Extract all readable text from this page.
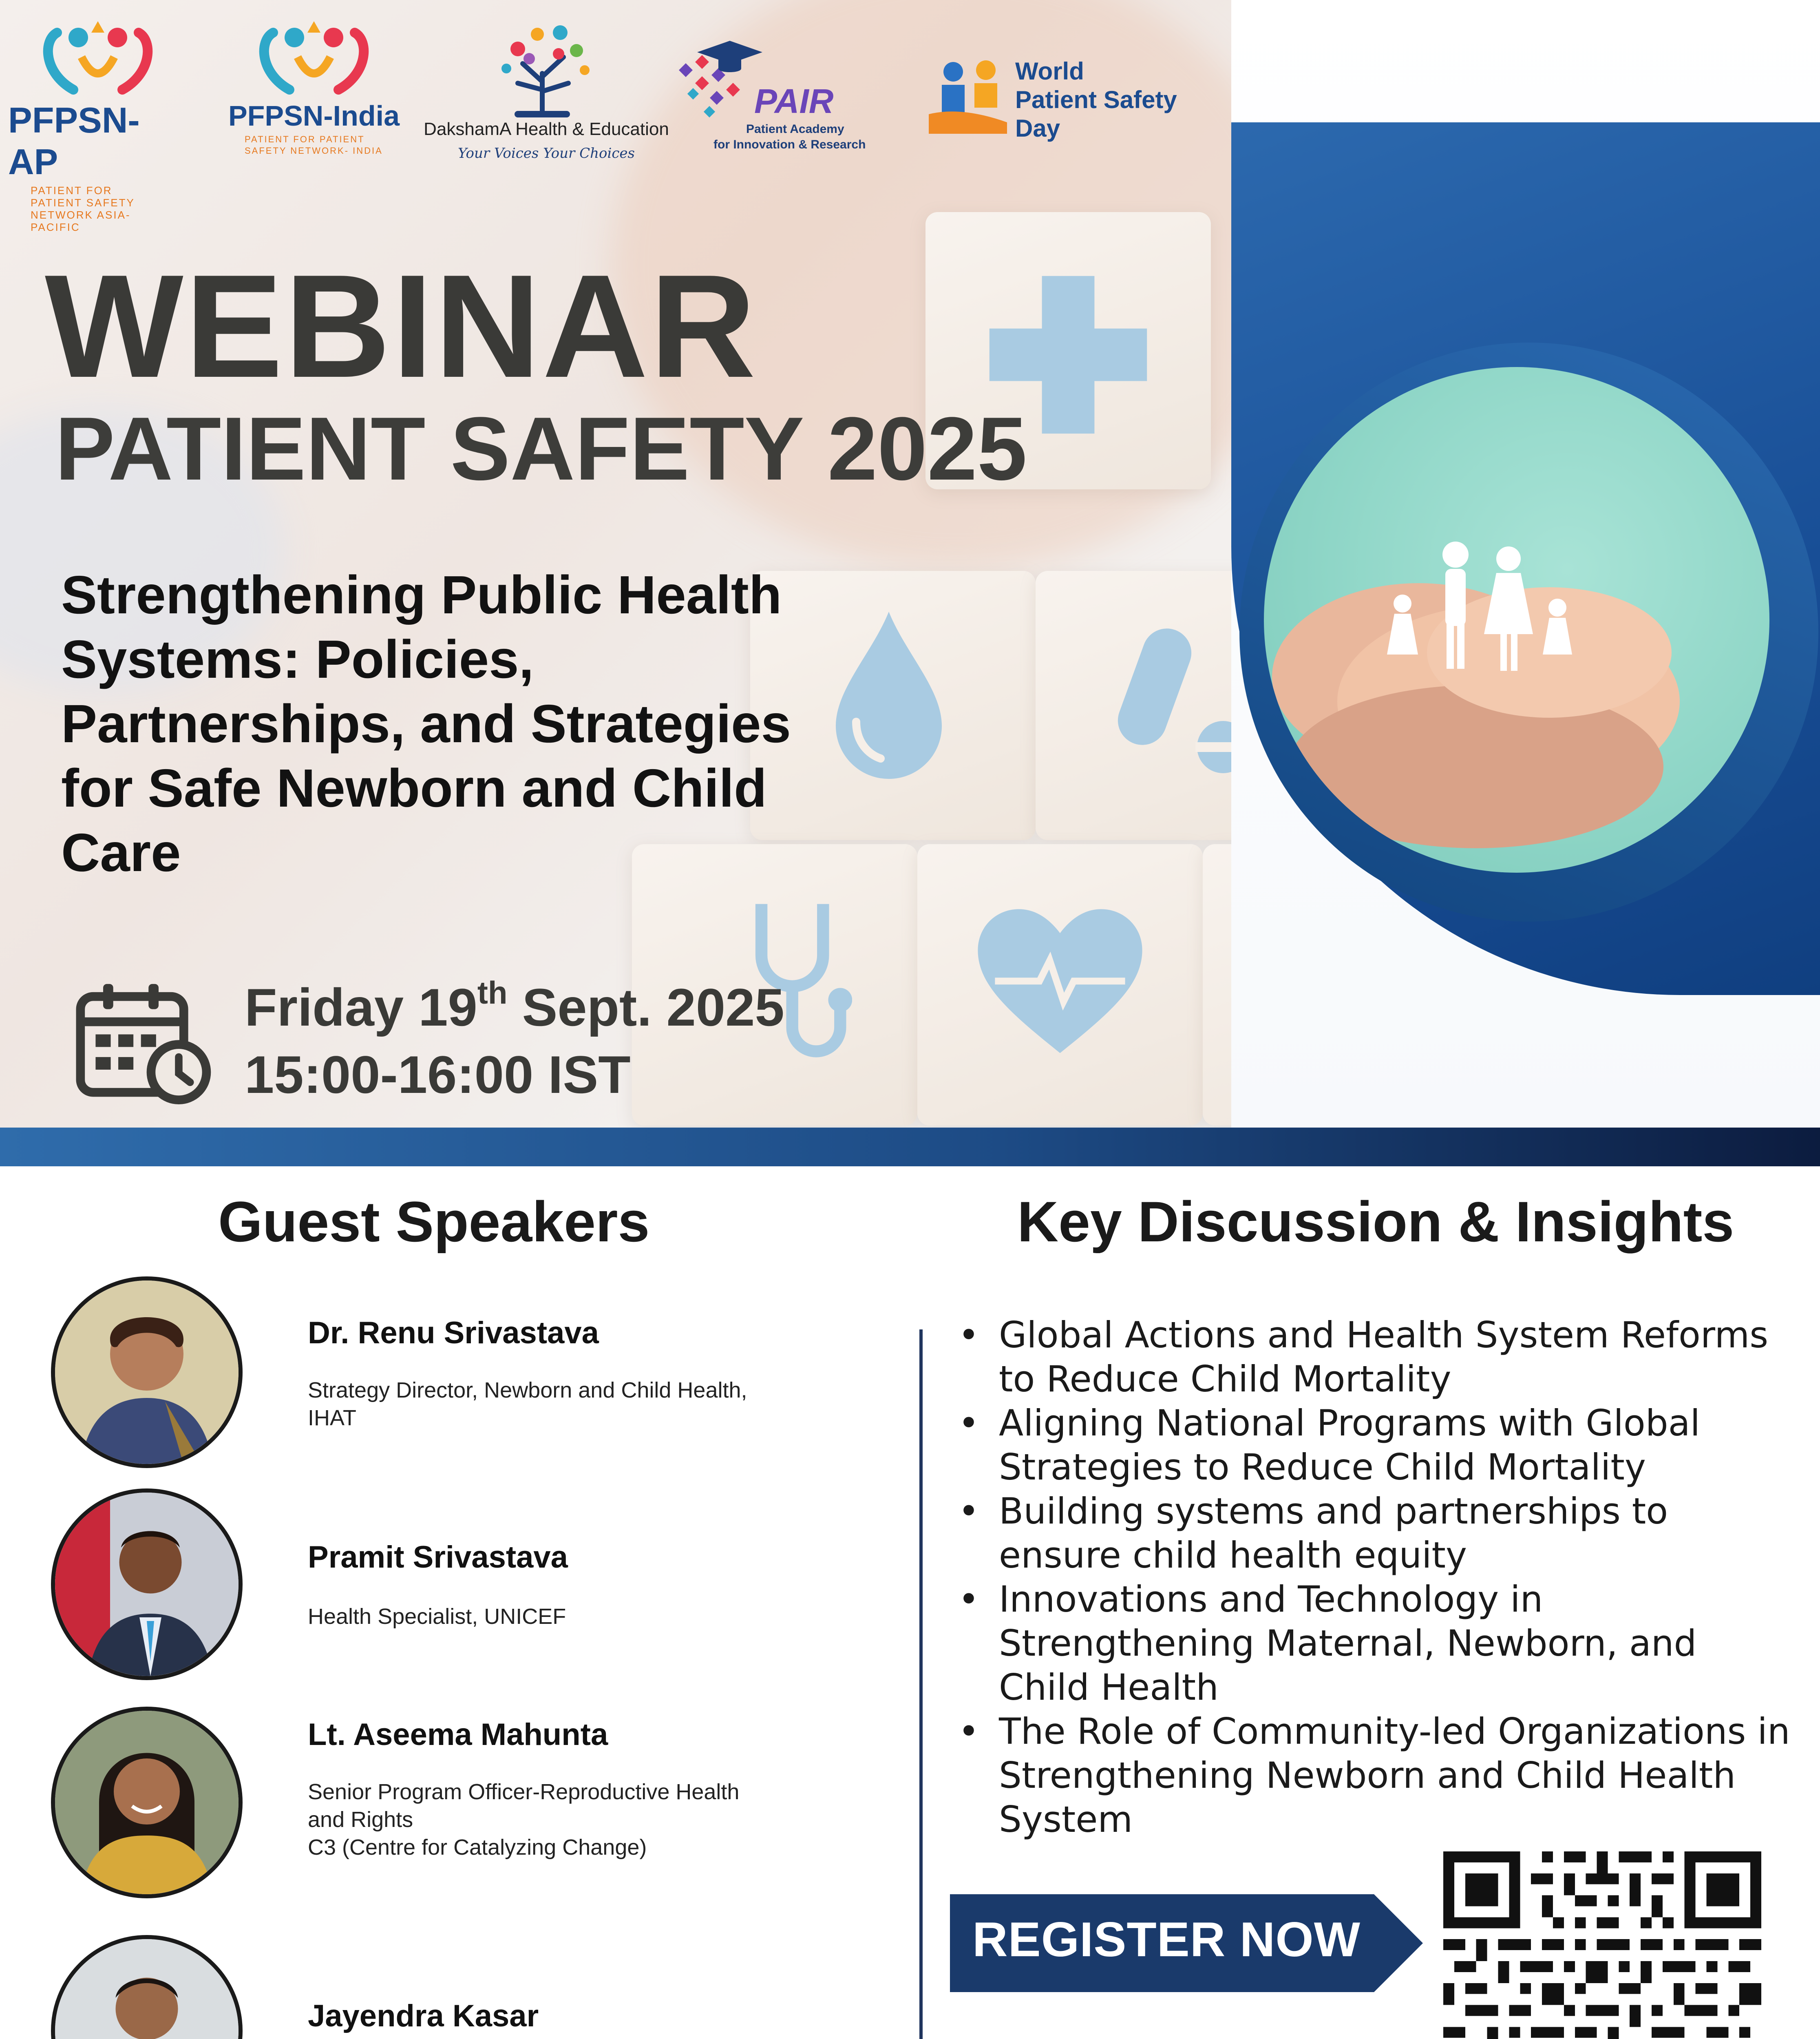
PFPSN-AP
PATIENT FOR PATIENT SAFETY NETWORK ASIA-PACIFIC
PFPSN-India
PATIENT FOR PATIENT SAFETY NETWORK- INDIA
DakshamA Health & Education
Your Voices Your Choices
PAIR
Patient Academy
for Innovation & Research
World
Patient Safety
Day
WEBINAR
PATIENT SAFETY 2025
Strengthening Public Health
Systems: Policies,
Partnerships, and Strategies
for Safe Newborn and Child
Care
Friday 19th Sept. 2025
15:00-16:00 IST
Guest Speakers
Dr. Renu Srivastava
Strategy Director, Newborn and Child Health,
IHAT
Pramit Srivastava
Health Specialist, UNICEF
Lt. Aseema Mahunta
Senior Program Officer-Reproductive Health
and Rights
C3 (Centre for Catalyzing Change)
Jayendra Kasar
Key Discussion & Insights
• Global Actions and Health System Reforms to Reduce Child Mortality
• Aligning National Programs with Global Strategies to Reduce Child Mortality
• Building systems and partnerships to ensure child health equity
• Innovations and Technology in Strengthening Maternal, Newborn, and Child Health
• The Role of Community-led Organizations in Strengthening Newborn and Child Health System
REGISTER NOW
